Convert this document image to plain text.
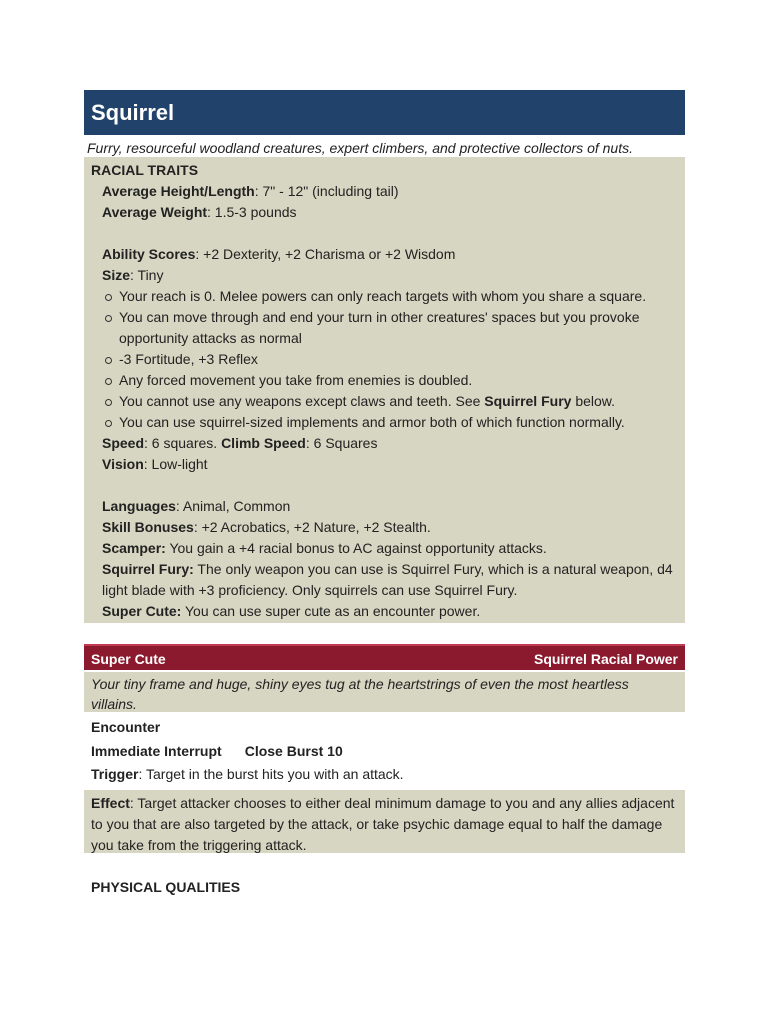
Squirrel
Furry, resourceful woodland creatures, expert climbers, and protective collectors of nuts.
RACIAL TRAITS
Average Height/Length: 7" - 12" (including tail)
Average Weight: 1.5-3 pounds
Ability Scores: +2 Dexterity, +2 Charisma or +2 Wisdom
Size: Tiny
Your reach is 0. Melee powers can only reach targets with whom you share a square.
You can move through and end your turn in other creatures' spaces but you provoke opportunity attacks as normal
-3 Fortitude, +3 Reflex
Any forced movement you take from enemies is doubled.
You cannot use any weapons except claws and teeth. See Squirrel Fury below.
You can use squirrel-sized implements and armor both of which function normally.
Speed: 6 squares. Climb Speed: 6 Squares
Vision: Low-light
Languages: Animal, Common
Skill Bonuses: +2 Acrobatics, +2 Nature, +2 Stealth.
Scamper: You gain a +4 racial bonus to AC against opportunity attacks.
Squirrel Fury: The only weapon you can use is Squirrel Fury, which is a natural weapon, d4 light blade with +3 proficiency. Only squirrels can use Squirrel Fury.
Super Cute: You can use super cute as an encounter power.
Super Cute	Squirrel Racial Power
Your tiny frame and huge, shiny eyes tug at the heartstrings of even the most heartless villains.
Encounter
Immediate Interrupt Close Burst 10
Trigger: Target in the burst hits you with an attack.
Effect: Target attacker chooses to either deal minimum damage to you and any allies adjacent to you that are also targeted by the attack, or take psychic damage equal to half the damage you take from the triggering attack.
PHYSICAL QUALITIES
